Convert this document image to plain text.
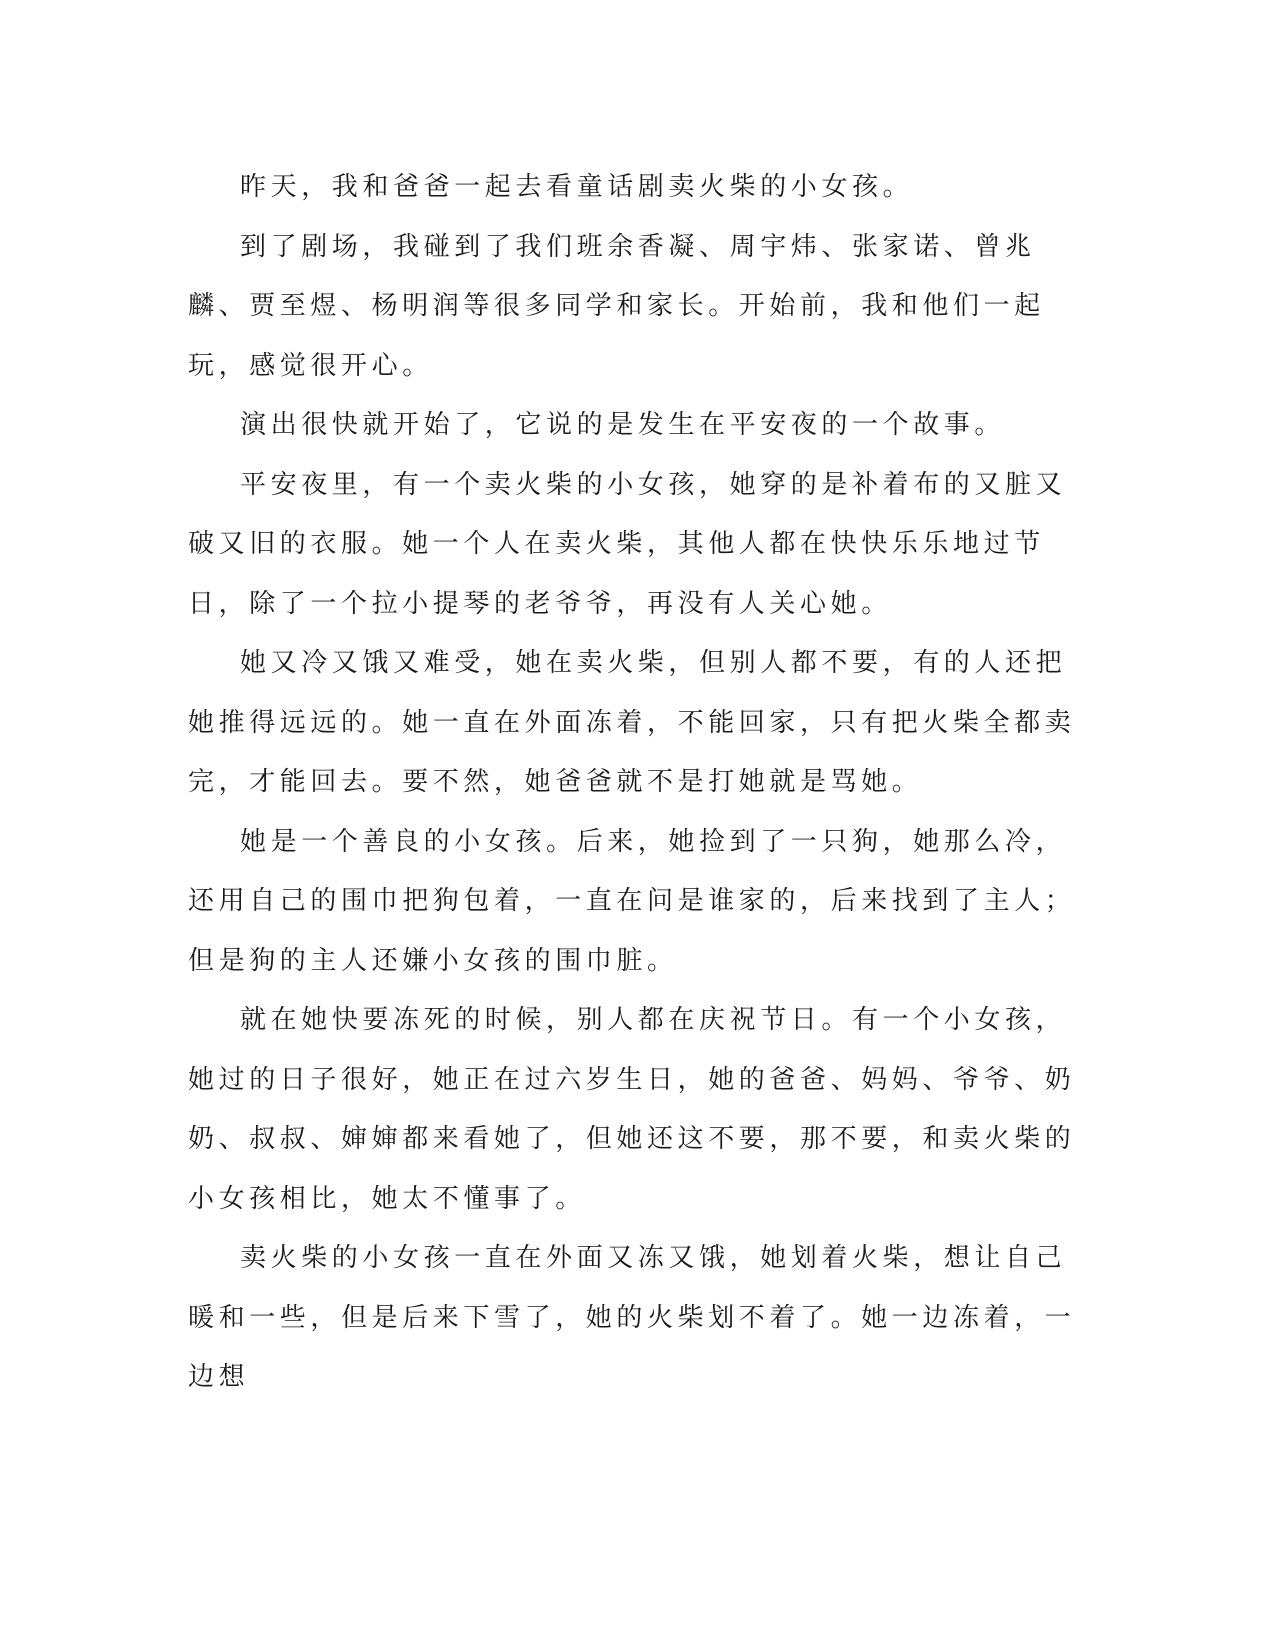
昨天，我和爸爸一起去看童话剧卖火柴的小女孩。

到了剧场，我碰到了我们班余香凝、周宇炜、张家诺、曾兆麟、贾至煜、杨明润等很多同学和家长。开始前，我和他们一起玩，感觉很开心。

演出很快就开始了，它说的是发生在平安夜的一个故事。

平安夜里，有一个卖火柴的小女孩，她穿的是补着布的又脏又破又旧的衣服。她一个人在卖火柴，其他人都在快快乐乐地过节日，除了一个拉小提琴的老爷爷，再没有人关心她。

她又冷又饿又难受，她在卖火柴，但别人都不要，有的人还把她推得远远的。她一直在外面冻着，不能回家，只有把火柴全都卖完，才能回去。要不然，她爸爸就不是打她就是骂她。

她是一个善良的小女孩。后来，她捡到了一只狗，她那么冷，还用自己的围巾把狗包着，一直在问是谁家的，后来找到了主人；但是狗的主人还嫌小女孩的围巾脏。

就在她快要冻死的时候，别人都在庆祝节日。有一个小女孩，她过的日子很好，她正在过六岁生日，她的爸爸、妈妈、爷爷、奶奶、叔叔、婶婶都来看她了，但她还这不要，那不要，和卖火柴的小女孩相比，她太不懂事了。

卖火柴的小女孩一直在外面又冻又饿，她划着火柴，想让自己暖和一些，但是后来下雪了，她的火柴划不着了。她一边冻着，一边想
